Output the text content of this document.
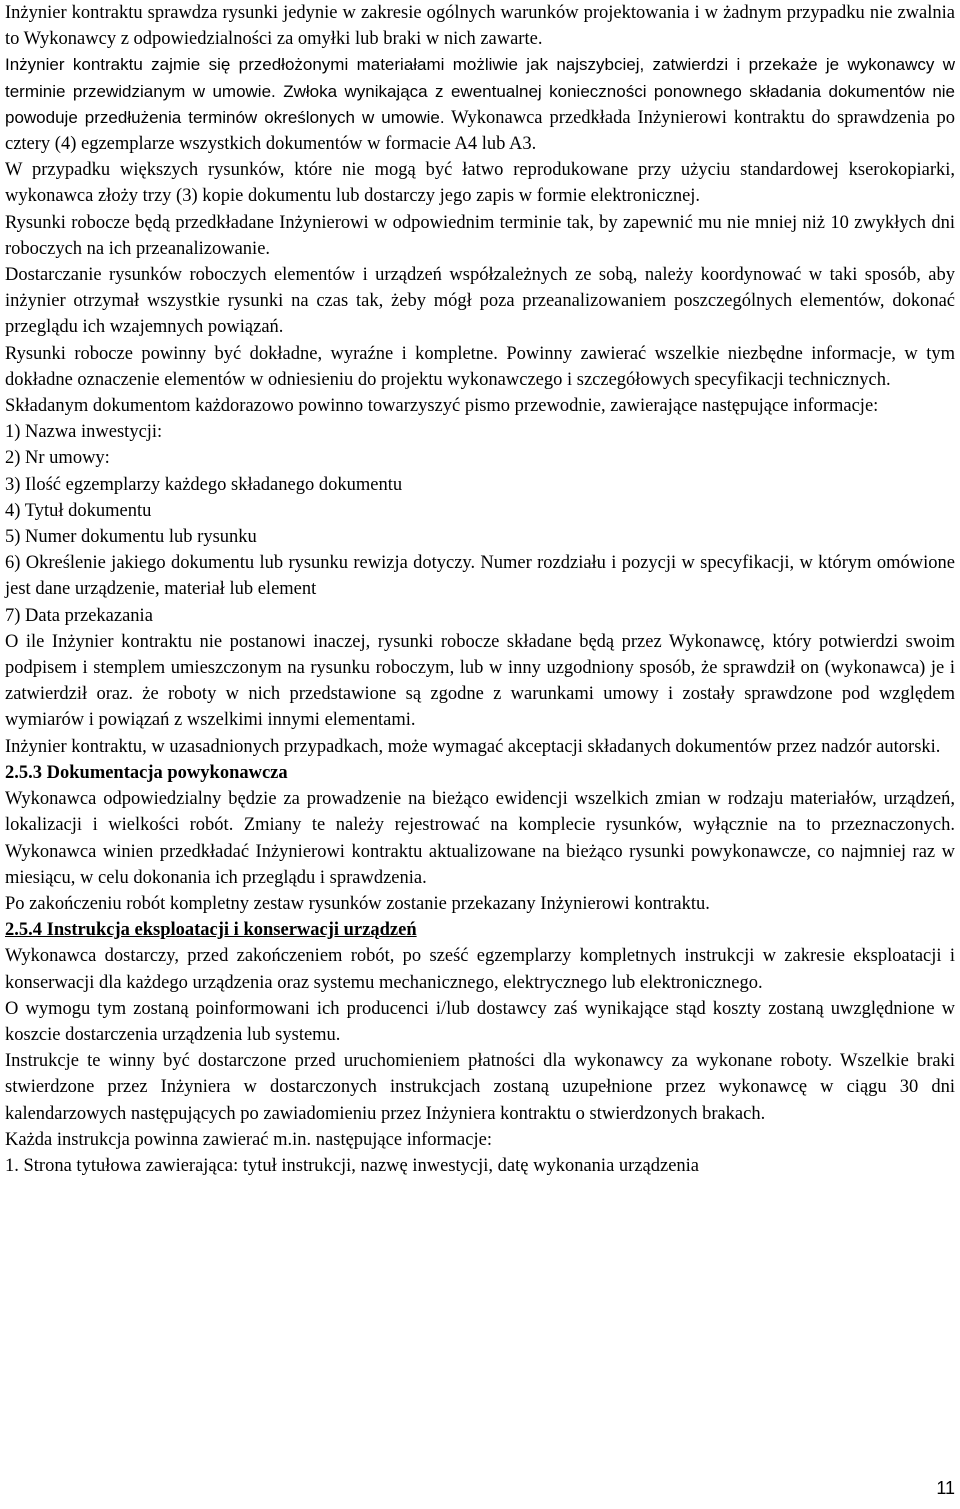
Inżynier kontraktu sprawdza rysunki jedynie w zakresie ogólnych warunków projektowania i w żadnym przypadku nie zwalnia to Wykonawcy z odpowiedzialności za omyłki lub braki w nich zawarte.

Inżynier kontraktu zajmie się przedłożonymi materiałami możliwie jak najszybciej, zatwierdzi i przekaże je wykonawcy w terminie przewidzianym w umowie. Zwłoka wynikająca z ewentualnej konieczności ponownego składania dokumentów nie powoduje przedłużenia terminów określonych w umowie. Wykonawca przedkłada Inżynierowi kontraktu do sprawdzenia po cztery (4) egzemplarze wszystkich dokumentów w formacie A4 lub A3.

W przypadku większych rysunków, które nie mogą być łatwo reprodukowane przy użyciu standardowej kserokopiarki, wykonawca złoży trzy (3) kopie dokumentu lub dostarczy jego zapis w formie elektronicznej.

Rysunki robocze będą przedkładane Inżynierowi w odpowiednim terminie tak, by zapewnić mu nie mniej niż 10 zwykłych dni roboczych na ich przeanalizowanie.

Dostarczanie rysunków roboczych elementów i urządzeń współzależnych ze sobą, należy koordynować w taki sposób, aby inżynier otrzymał wszystkie rysunki na czas tak, żeby mógł poza przeanalizowaniem poszczególnych elementów, dokonać przeglądu ich wzajemnych powiązań.

Rysunki robocze powinny być dokładne, wyraźne i kompletne. Powinny zawierać wszelkie niezbędne informacje, w tym dokładne oznaczenie elementów w odniesieniu do projektu wykonawczego i szczegółowych specyfikacji technicznych.

Składanym dokumentom każdorazowo powinno towarzyszyć pismo przewodnie, zawierające następujące informacje:

1) Nazwa inwestycji:

2) Nr umowy:

3) Ilość egzemplarzy każdego składanego dokumentu

4) Tytuł dokumentu

5) Numer dokumentu lub rysunku

6) Określenie jakiego dokumentu lub rysunku rewizja dotyczy. Numer rozdziału i pozycji w specyfikacji, w którym omówione jest dane urządzenie, materiał lub element

7) Data przekazania

O ile Inżynier kontraktu nie postanowi inaczej, rysunki robocze składane będą przez Wykonawcę, który potwierdzi swoim podpisem i stemplem umieszczonym na rysunku roboczym, lub w inny uzgodniony sposób, że sprawdził on (wykonawca) je i zatwierdził oraz. że roboty w nich przedstawione są zgodne z warunkami umowy i zostały sprawdzone pod względem wymiarów i powiązań z wszelkimi innymi elementami.

Inżynier kontraktu, w uzasadnionych przypadkach, może wymagać akceptacji składanych dokumentów przez nadzór autorski.

2.5.3 Dokumentacja powykonawcza

Wykonawca odpowiedzialny będzie za prowadzenie na bieżąco ewidencji wszelkich zmian w rodzaju materiałów, urządzeń, lokalizacji i wielkości robót. Zmiany te należy rejestrować na komplecie rysunków, wyłącznie na to przeznaczonych. Wykonawca winien przedkładać Inżynierowi kontraktu aktualizowane na bieżąco rysunki powykonawcze, co najmniej raz w miesiącu, w celu dokonania ich przeglądu i sprawdzenia.

Po zakończeniu robót kompletny zestaw rysunków zostanie przekazany Inżynierowi kontraktu.

2.5.4 Instrukcja eksploatacji i konserwacji urządzeń

Wykonawca dostarczy, przed zakończeniem robót, po sześć egzemplarzy kompletnych instrukcji w zakresie eksploatacji i konserwacji dla każdego urządzenia oraz systemu mechanicznego, elektrycznego lub elektronicznego.

O wymogu tym zostaną poinformowani ich producenci i/lub dostawcy zaś wynikające stąd koszty zostaną uwzględnione w koszcie dostarczenia urządzenia lub systemu.

Instrukcje te winny być dostarczone przed uruchomieniem płatności dla wykonawcy za wykonane roboty. Wszelkie braki stwierdzone przez Inżyniera w dostarczonych instrukcjach zostaną uzupełnione przez wykonawcę w ciągu 30 dni kalendarzowych następujących po zawiadomieniu przez Inżyniera kontraktu o stwierdzonych brakach.

Każda instrukcja powinna zawierać m.in. następujące informacje:

1. Strona tytułowa zawierająca: tytuł instrukcji, nazwę inwestycji, datę wykonania urządzenia

11
